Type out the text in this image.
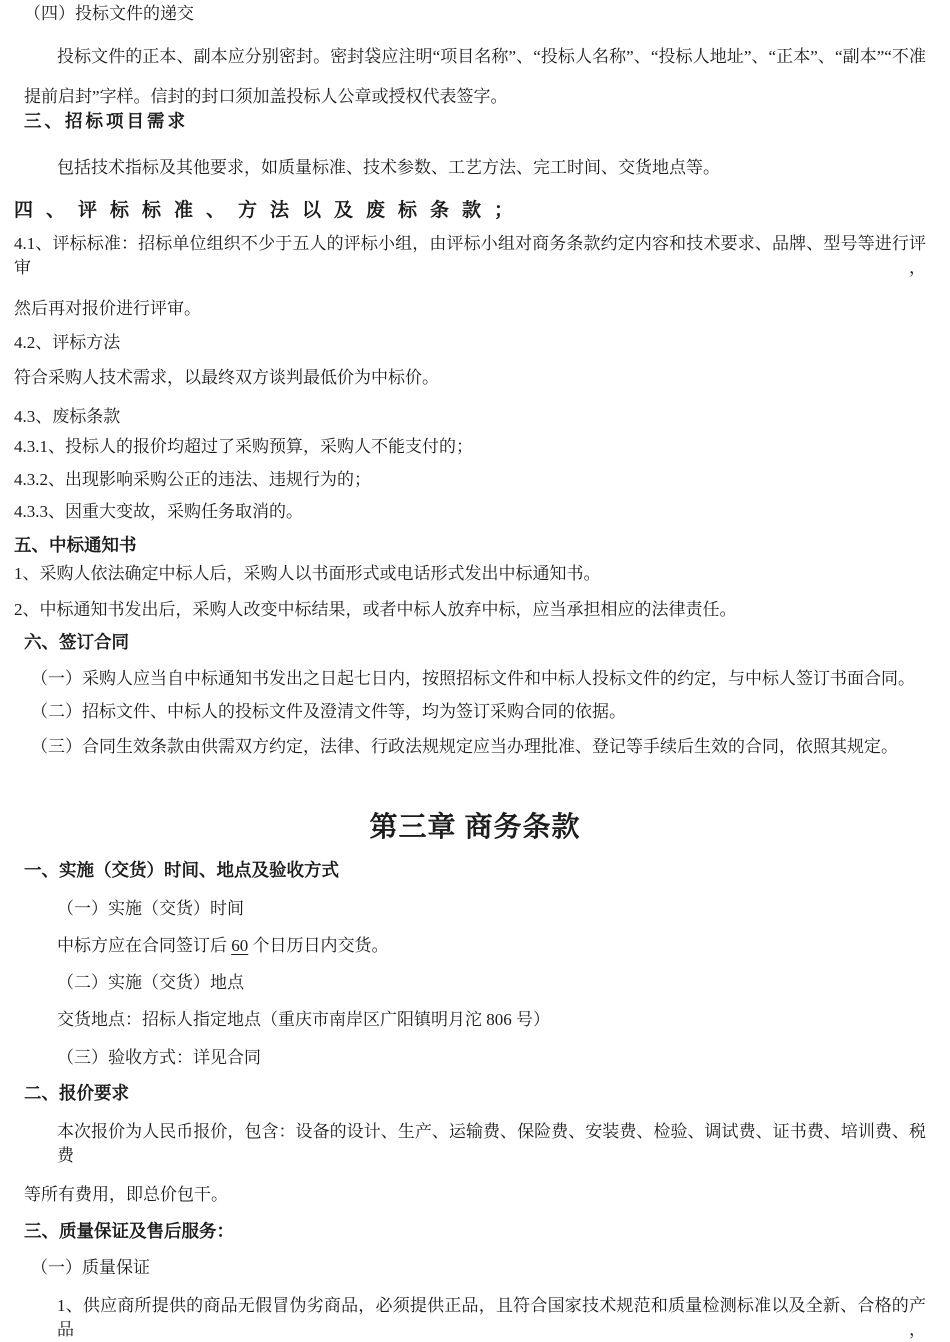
（四）投标文件的递交

投标文件的正本、副本应分别密封。密封袋应注明“项目名称”、“投标人名称”、“投标人地址”、“正本”、“副本”“不准

提前启封”字样。信封的封口须加盖投标人公章或授权代表签字。

三、招标项目需求

包括技术指标及其他要求，如质量标准、技术参数、工艺方法、完工时间、交货地点等。

四、评标标准、方法以及废标条款；

4.1、评标标准：招标单位组织不少于五人的评标小组，由评标小组对商务条款约定内容和技术要求、品牌、型号等进行评审，

然后再对报价进行评审。

4.2、评标方法

符合采购人技术需求，以最终双方谈判最低价为中标价。

4.3、废标条款

4.3.1、投标人的报价均超过了采购预算，采购人不能支付的；

4.3.2、出现影响采购公正的违法、违规行为的；

4.3.3、因重大变故，采购任务取消的。

五、中标通知书

1、采购人依法确定中标人后，采购人以书面形式或电话形式发出中标通知书。

2、中标通知书发出后，采购人改变中标结果，或者中标人放弃中标，应当承担相应的法律责任。

六、签订合同

（一）采购人应当自中标通知书发出之日起七日内，按照招标文件和中标人投标文件的约定，与中标人签订书面合同。

（二）招标文件、中标人的投标文件及澄清文件等，均为签订采购合同的依据。

（三）合同生效条款由供需双方约定，法律、行政法规规定应当办理批准、登记等手续后生效的合同，依照其规定。

第三章 商务条款

一、实施（交货）时间、地点及验收方式

（一）实施（交货）时间

中标方应在合同签订后 60 个日历日内交货。

（二）实施（交货）地点

交货地点：招标人指定地点（重庆市南岸区广阳镇明月沱 806 号）

（三）验收方式：详见合同

二、报价要求

本次报价为人民币报价，包含：设备的设计、生产、运输费、保险费、安装费、检验、调试费、证书费、培训费、税费

等所有费用，即总价包干。

三、质量保证及售后服务：

（一）质量保证

1、供应商所提供的商品无假冒伪劣商品，必须提供正品，且符合国家技术规范和质量检测标准以及全新、合格的产品，
